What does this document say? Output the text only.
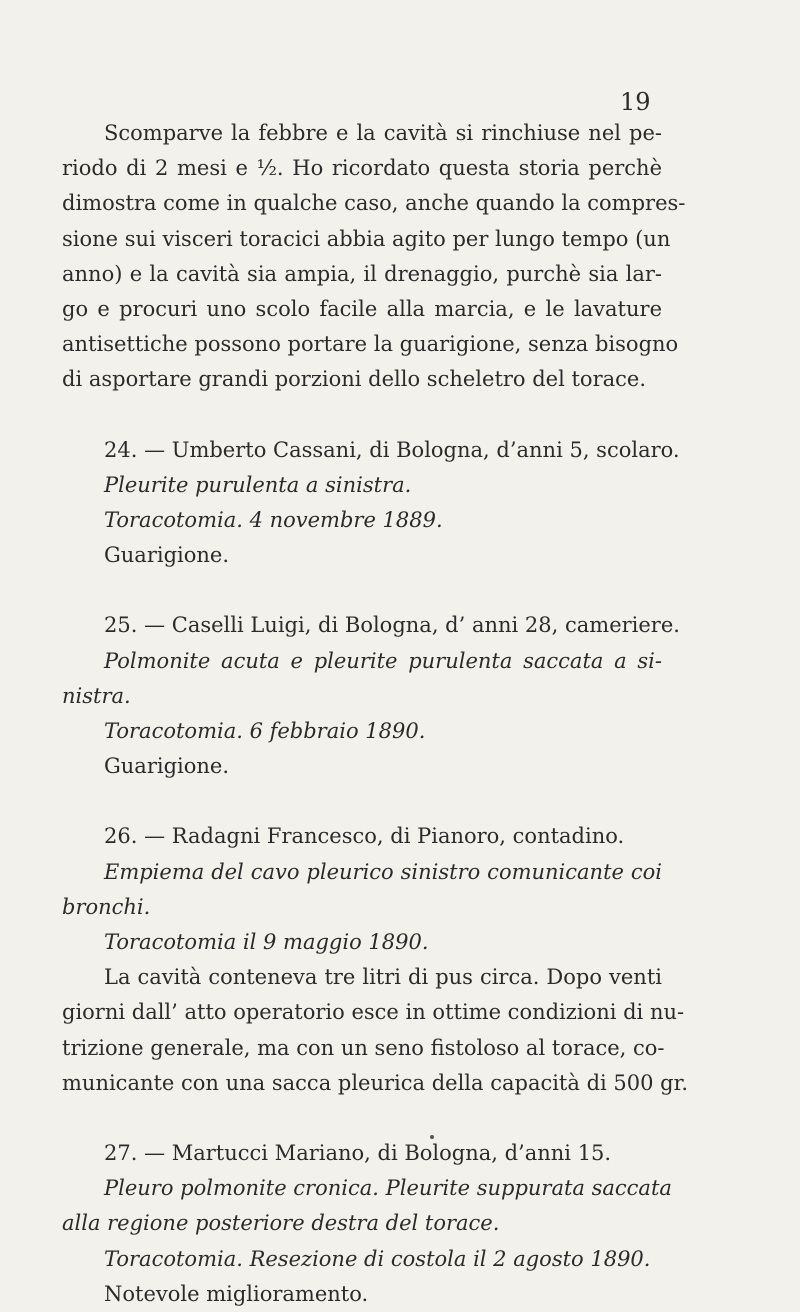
19
Scomparve la febbre e la cavità si rinchiuse nel pe-
riodo di 2 mesi e ½. Ho ricordato questa storia perchè
dimostra come in qualche caso, anche quando la compres-
sione sui visceri toracici abbia agito per lungo tempo (un
anno) e la cavità sia ampia, il drenaggio, purchè sia lar-
go e procuri uno scolo facile alla marcia, e le lavature
antisettiche possono portare la guarigione, senza bisogno
di asportare grandi porzioni dello scheletro del torace.
24. — Umberto Cassani, di Bologna, d’anni 5, scolaro.
Pleurite purulenta a sinistra.
Toracotomia. 4 novembre 1889.
Guarigione.
25. — Caselli Luigi, di Bologna, d’ anni 28, cameriere.
Polmonite acuta e pleurite purulenta saccata a si-
nistra.
Toracotomia. 6 febbraio 1890.
Guarigione.
26. — Radagni Francesco, di Pianoro, contadino.
Empiema del cavo pleurico sinistro comunicante coi
bronchi.
Toracotomia il 9 maggio 1890.
La cavità conteneva tre litri di pus circa. Dopo venti
giorni dall’ atto operatorio esce in ottime condizioni di nu-
trizione generale, ma con un seno fistoloso al torace, co-
municante con una sacca pleurica della capacità di 500 gr.
27. — Martucci Mariano, di Bologna, d’anni 15.
Pleuro polmonite cronica. Pleurite suppurata saccata
alla regione posteriore destra del torace.
Toracotomia. Resezione di costola il 2 agosto 1890.
Notevole miglioramento.
